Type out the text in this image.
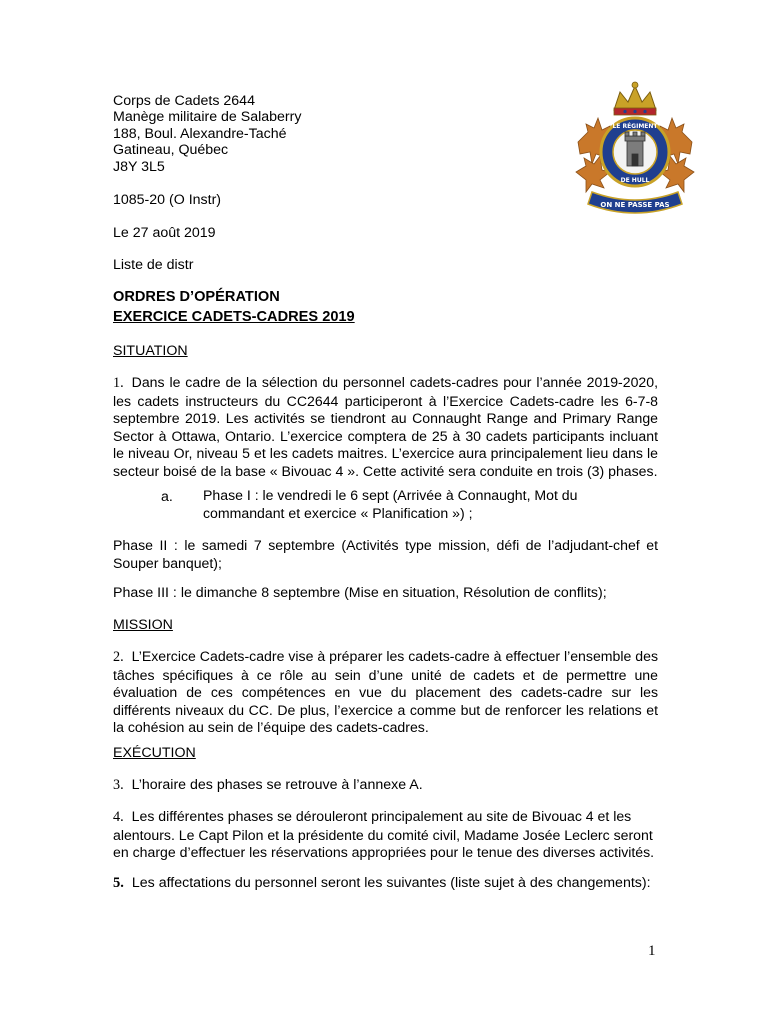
Corps de Cadets 2644
Manège militaire de Salaberry
188, Boul. Alexandre-Taché
Gatineau, Québec
J8Y 3L5
1085-20 (O Instr)
Le 27 août 2019
Liste de distr
LE RÉGIMENT
DE HULL
ON NE PASSE PAS
ORDRES D’OPÉRATION
EXERCICE CADETS-CADRES 2019
SITUATION
1. Dans le cadre de la sélection du personnel cadets-cadres pour l’année 2019-2020, les cadets instructeurs du CC2644 participeront à l’Exercice Cadets-cadre les 6-7-8 septembre 2019. Les activités se tiendront au Connaught Range and Primary Range Sector à Ottawa, Ontario. L’exercice comptera de 25 à 30 cadets participants incluant le niveau Or, niveau 5 et les cadets maitres. L’exercice aura principalement lieu dans le secteur boisé de la base « Bivouac 4 ». Cette activité sera conduite en trois (3) phases.
a. Phase I : le vendredi le 6 sept (Arrivée à Connaught, Mot du commandant et exercice « Planification ») ;
Phase II : le samedi 7 septembre (Activités type mission, défi de l’adjudant-chef et Souper banquet);
Phase III : le dimanche 8 septembre (Mise en situation, Résolution de conflits);
MISSION
2. L’Exercice Cadets-cadre vise à préparer les cadets-cadre à effectuer l’ensemble des tâches spécifiques à ce rôle au sein d’une unité de cadets et de permettre une évaluation de ces compétences en vue du placement des cadets-cadre sur les différents niveaux du CC. De plus, l’exercice a comme but de renforcer les relations et la cohésion au sein de l’équipe des cadets-cadres.
EXÉCUTION
3. L’horaire des phases se retrouve à l’annexe A.
4. Les différentes phases se dérouleront principalement au site de Bivouac 4 et les alentours. Le Capt Pilon et la présidente du comité civil, Madame Josée Leclerc seront en charge d’effectuer les réservations appropriées pour le tenue des diverses activités.
5. Les affectations du personnel seront les suivantes (liste sujet à des changements):
1
